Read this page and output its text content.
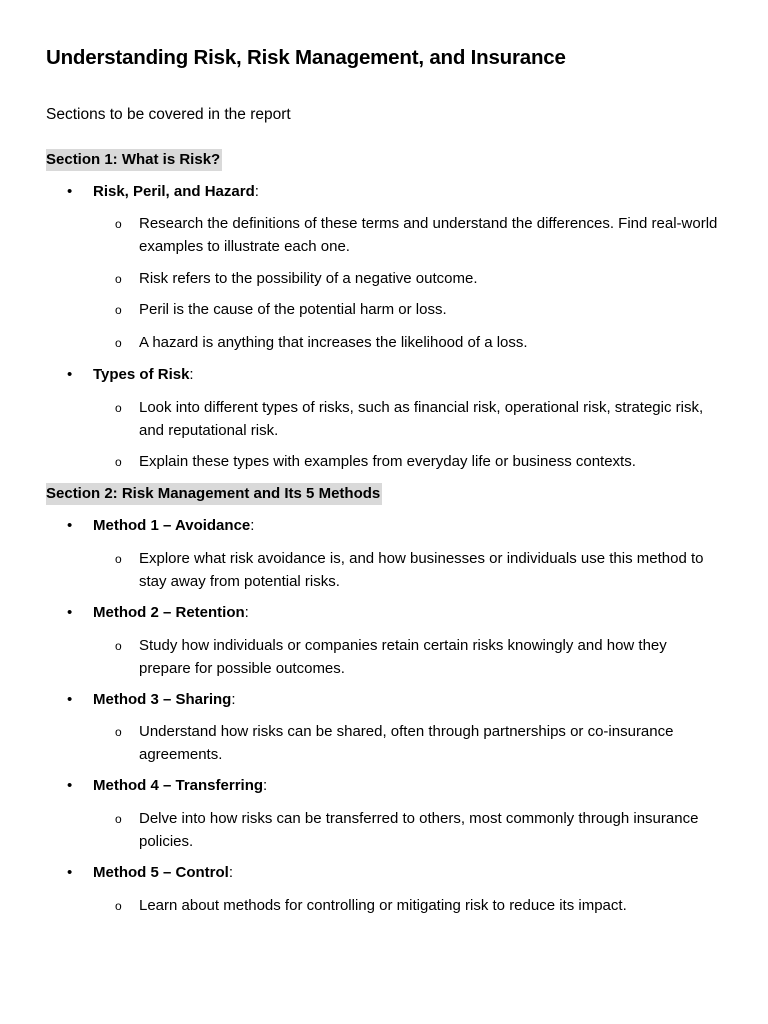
Understanding Risk, Risk Management, and Insurance

Sections to be covered in the report

Section 1: What is Risk?

• Risk, Peril, and Hazard:
o Research the definitions of these terms and understand the differences. Find real-world examples to illustrate each one.
o Risk refers to the possibility of a negative outcome.
o Peril is the cause of the potential harm or loss.
o A hazard is anything that increases the likelihood of a loss.
• Types of Risk:
o Look into different types of risks, such as financial risk, operational risk, strategic risk, and reputational risk.
o Explain these types with examples from everyday life or business contexts.

Section 2: Risk Management and Its 5 Methods

• Method 1 – Avoidance:
o Explore what risk avoidance is, and how businesses or individuals use this method to stay away from potential risks.
• Method 2 – Retention:
o Study how individuals or companies retain certain risks knowingly and how they prepare for possible outcomes.
• Method 3 – Sharing:
o Understand how risks can be shared, often through partnerships or co-insurance agreements.
• Method 4 – Transferring:
o Delve into how risks can be transferred to others, most commonly through insurance policies.
• Method 5 – Control:
o Learn about methods for controlling or mitigating risk to reduce its impact.
